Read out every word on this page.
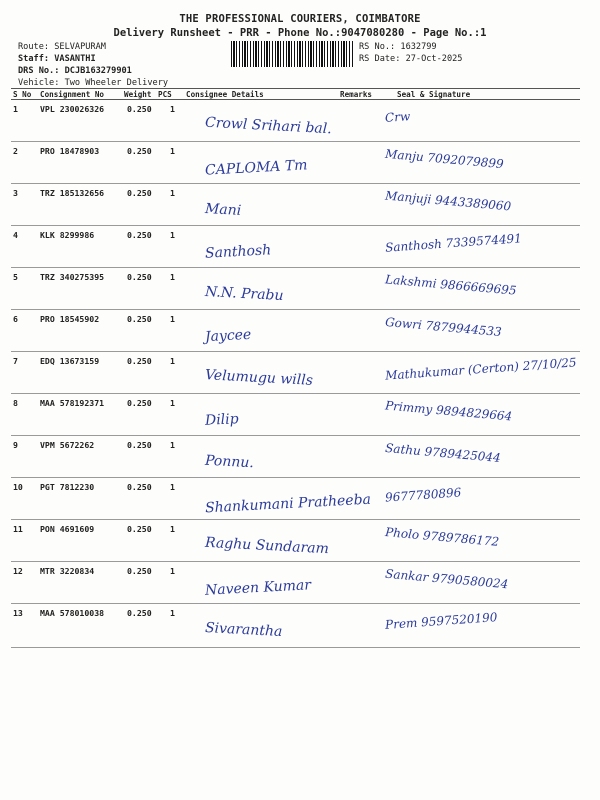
THE PROFESSIONAL COURIERS, COIMBATORE
Delivery Runsheet - PRR - Phone No.:9047080280 - Page No.:1
Route: SELVAPURAM
Staff: VASANTHI
DRS No.: DCJB163279901
Vehicle: Two Wheeler Delivery
RS No.: 1632799
RS Date: 27-Oct-2025
S No Consignment No	Weight PCS Consignee Details	Remarks	Seal & Signature
1	VPL 230026326	0.250 1
Crowl Srihari bal.	Crw
2	PRO 18478903	0.250 1
CAPLOMA Tm	Manju 7092079899
3	TRZ 185132656	0.250 1
Mani	Manjuji 9443389060
4	KLK 8299986	0.250 1
Santhosh	Santhosh 7339574491
5	TRZ 340275395	0.250 1
N.N. Prabu	Lakshmi 9866669695
6	PRO 18545902	0.250 1
Jaycee	Gowri 7879944533
7	EDQ 13673159	0.250 1
Velumugu wills	Mathukumar (Certon) 27/10/25
8	MAA 578192371	0.250 1
Dilip	Primmy 9894829664
9	VPM 5672262	0.250 1
Ponnu.	Sathu 9789425044
10 PGT 7812230	0.250 1
Shankumani Pratheeba 9677780896
11 PON 4691609	0.250 1
Raghu Sundaram	Pholo 9789786172
12 MTR 3220834	0.250 1
Naveen Kumar	Sankar 9790580024
13 MAA 578010038	0.250 1
Sivarantha	Prem 9597520190
